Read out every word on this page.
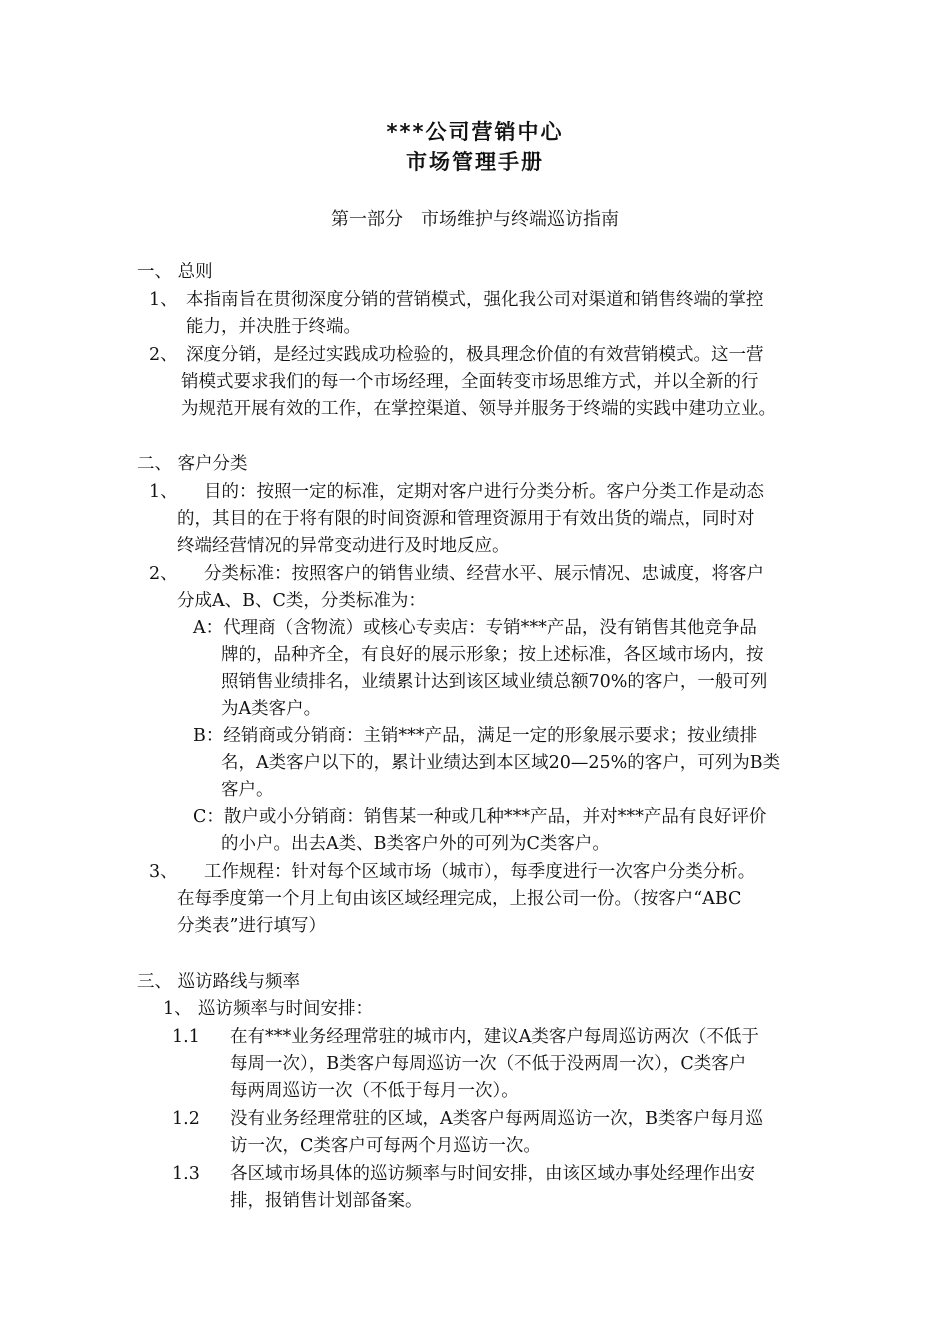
***公司营销中心
市场管理手册
第一部分　市场维护与终端巡访指南
一、 总则
1、 本指南旨在贯彻深度分销的营销模式，强化我公司对渠道和销售终端的掌控
能力，并决胜于终端。
2、 深度分销，是经过实践成功检验的，极具理念价值的有效营销模式。这一营
销模式要求我们的每一个市场经理，全面转变市场思维方式，并以全新的行
为规范开展有效的工作，在掌控渠道、领导并服务于终端的实践中建功立业。
二、 客户分类
1、 目的：按照一定的标准，定期对客户进行分类分析。客户分类工作是动态
的，其目的在于将有限的时间资源和管理资源用于有效出货的端点，同时对
终端经营情况的异常变动进行及时地反应。
2、 分类标准：按照客户的销售业绩、经营水平、展示情况、忠诚度，将客户
分成A、B、C类，分类标准为：
A：代理商（含物流）或核心专卖店：专销***产品，没有销售其他竞争品
牌的，品种齐全，有良好的展示形象；按上述标准，各区域市场内，按
照销售业绩排名，业绩累计达到该区域业绩总额70%的客户，一般可列
为A类客户。
B：经销商或分销商：主销***产品，满足一定的形象展示要求；按业绩排
名，A类客户以下的，累计业绩达到本区域20—25%的客户，可列为B类
客户。
C：散户或小分销商：销售某一种或几种***产品，并对***产品有良好评价
的小户。出去A类、B类客户外的可列为C类客户。
3、 工作规程：针对每个区域市场（城市），每季度进行一次客户分类分析。
在每季度第一个月上旬由该区域经理完成，上报公司一份。（按客户“ABC
分类表”进行填写）
三、 巡访路线与频率
1、 巡访频率与时间安排：
1.1 在有***业务经理常驻的城市内，建议A类客户每周巡访两次（不低于
每周一次），B类客户每周巡访一次（不低于没两周一次），C类客户
每两周巡访一次（不低于每月一次）。
1.2 没有业务经理常驻的区域，A类客户每两周巡访一次，B类客户每月巡
访一次，C类客户可每两个月巡访一次。
1.3 各区域市场具体的巡访频率与时间安排，由该区域办事处经理作出安
排，报销售计划部备案。
